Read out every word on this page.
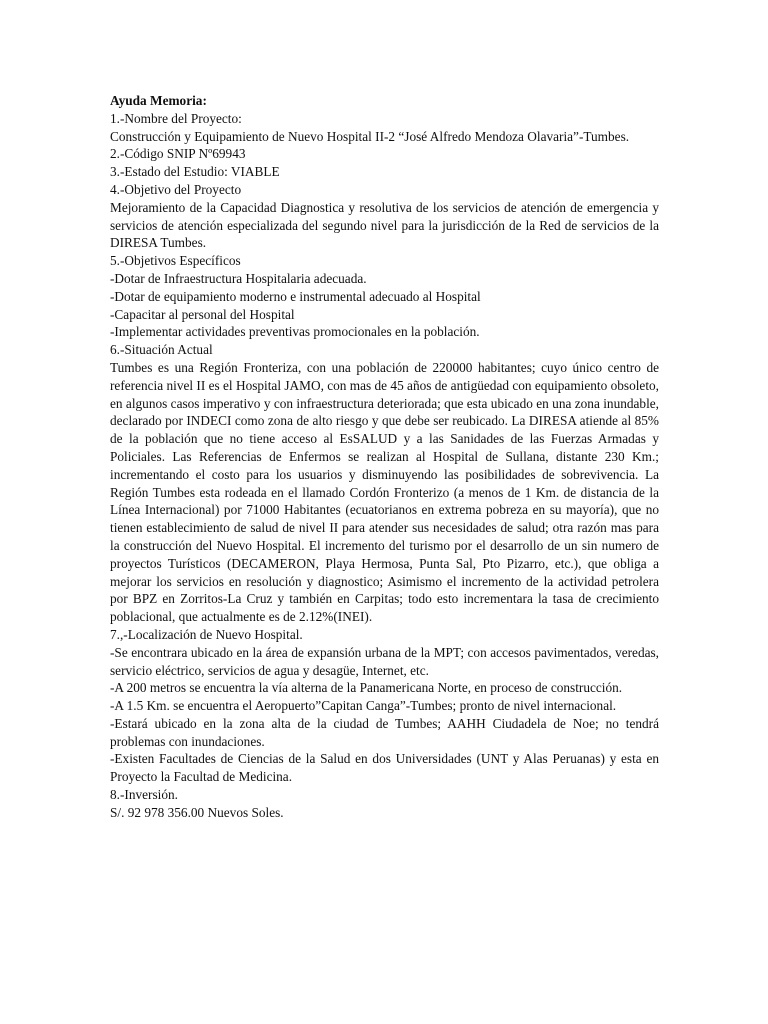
Ayuda Memoria:

1.-Nombre del Proyecto:

Construcción y Equipamiento de Nuevo Hospital II-2 “José Alfredo Mendoza Olavaria”-Tumbes.

2.-Código SNIP Nº69943

3.-Estado del Estudio: VIABLE

4.-Objetivo del Proyecto

Mejoramiento de la Capacidad Diagnostica y resolutiva de los servicios de atención de emergencia y servicios de atención especializada del segundo nivel para la jurisdicción de la Red de servicios de la DIRESA Tumbes.

5.-Objetivos Específicos

-Dotar de Infraestructura Hospitalaria adecuada.

-Dotar de equipamiento moderno e instrumental adecuado al Hospital

-Capacitar al personal del Hospital

-Implementar actividades preventivas promocionales en la población.

6.-Situación Actual

Tumbes es una Región Fronteriza, con una población de 220000 habitantes; cuyo único centro de referencia nivel II es el Hospital JAMO, con mas de 45 años de antigüedad con equipamiento obsoleto, en algunos casos imperativo y con infraestructura deteriorada; que esta ubicado en una zona inundable, declarado por INDECI como zona de alto riesgo y que debe ser reubicado. La DIRESA atiende al 85% de la población que no tiene acceso al EsSALUD y a las Sanidades de las Fuerzas Armadas y Policiales. Las Referencias de Enfermos se realizan al Hospital de Sullana, distante 230 Km.; incrementando el costo para los usuarios y disminuyendo las posibilidades de sobrevivencia. La Región Tumbes esta rodeada en el llamado Cordón Fronterizo (a menos de 1 Km. de distancia de la Línea Internacional) por 71000 Habitantes (ecuatorianos en extrema pobreza en su mayoría), que no tienen establecimiento de salud de nivel II para atender sus necesidades de salud; otra razón mas para la construcción del Nuevo Hospital. El incremento del turismo por el desarrollo de un sin numero de proyectos Turísticos (DECAMERON, Playa Hermosa, Punta Sal, Pto Pizarro, etc.), que obliga a mejorar los servicios en resolución y diagnostico; Asimismo el incremento de la actividad petrolera por BPZ en Zorritos-La Cruz y también en Carpitas; todo esto incrementara la tasa de crecimiento poblacional, que actualmente es de 2.12%(INEI).

7.,-Localización de Nuevo Hospital.

-Se encontrara ubicado en la área de expansión urbana de la MPT; con accesos pavimentados, veredas, servicio eléctrico, servicios de agua y desagüe, Internet, etc.

-A 200 metros se encuentra la vía alterna de la Panamericana Norte, en proceso de construcción.

-A 1.5 Km. se encuentra el Aeropuerto”Capitan Canga”-Tumbes; pronto de nivel internacional.

-Estará ubicado en la zona alta de la ciudad de Tumbes; AAHH Ciudadela de Noe; no tendrá problemas con inundaciones.

-Existen Facultades de Ciencias de la Salud en dos Universidades (UNT y Alas Peruanas) y esta en Proyecto la Facultad de Medicina.

8.-Inversión.

S/. 92 978 356.00 Nuevos Soles.
